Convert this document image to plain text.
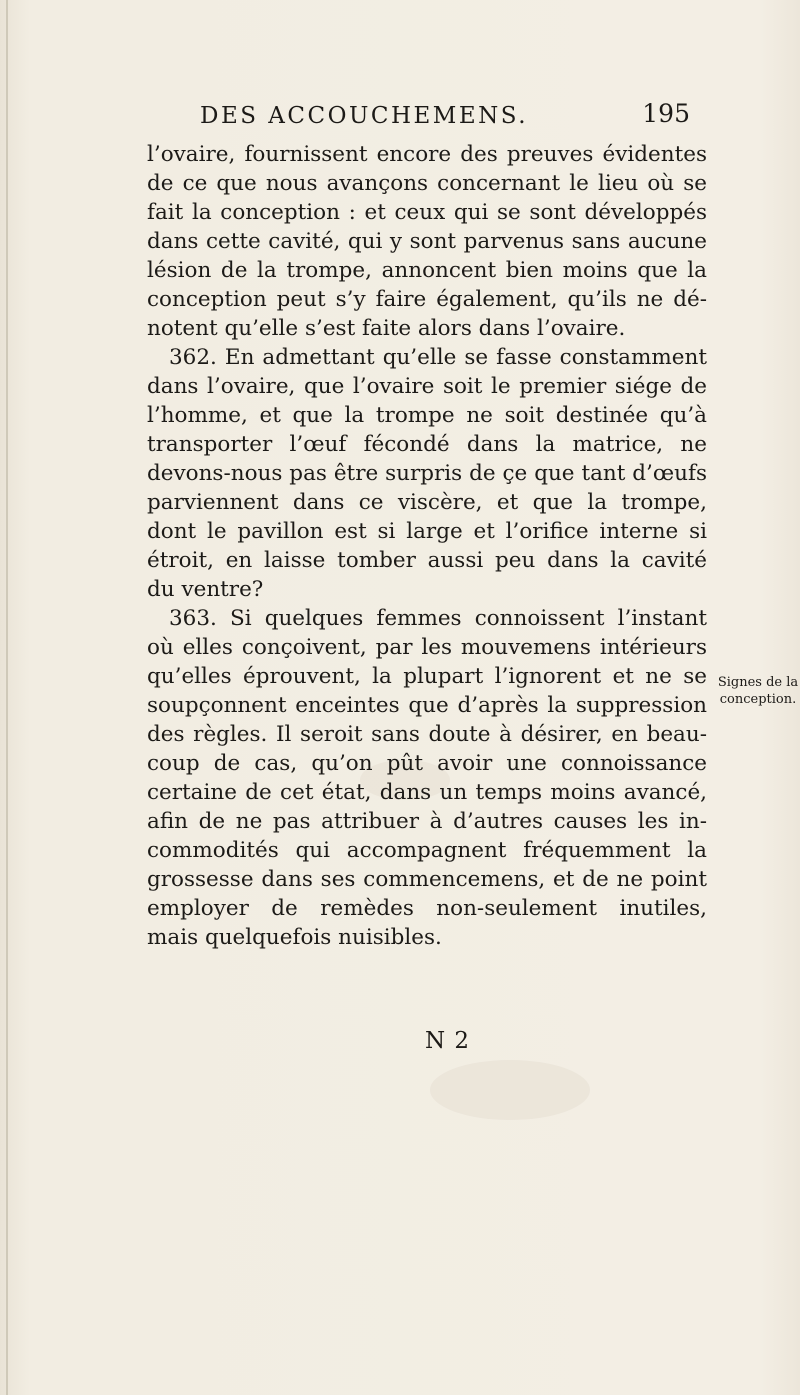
DES ACCOUCHEMENS.	195

l’ovaire, fournissent encore des preuves évidentes
de ce que nous avançons concernant le lieu où se
fait la conception : et ceux qui se sont développés
dans cette cavité, qui y sont parvenus sans aucune
lésion de la trompe, annoncent bien moins que la
conception peut s’y faire également, qu’ils ne dé-
notent qu’elle s’est faite alors dans l’ovaire.

362. En admettant qu’elle se fasse constamment
dans l’ovaire, que l’ovaire soit le premier siége de
l’homme, et que la trompe ne soit destinée qu’à
transporter l’œuf fécondé dans la matrice, ne
devons-nous pas être surpris de çe que tant d’œufs
parviennent dans ce viscère, et que la trompe,
dont le pavillon est si large et l’orifice interne si
étroit, en laisse tomber aussi peu dans la cavité
du ventre?

363. Si quelques femmes connoissent l’instant
où elles conçoivent, par les mouvemens intérieurs
qu’elles éprouvent, la plupart l’ignorent et ne se
soupçonnent enceintes que d’après la suppression
des règles. Il seroit sans doute à désirer, en beau-
coup de cas, qu’on pût avoir une connoissance
certaine de cet état, dans un temps moins avancé,
afin de ne pas attribuer à d’autres causes les in-
commodités qui accompagnent fréquemment la
grossesse dans ses commencemens, et de ne point
employer de remèdes non-seulement inutiles,
mais quelquefois nuisibles.

Signes de la
conception.
N 2
